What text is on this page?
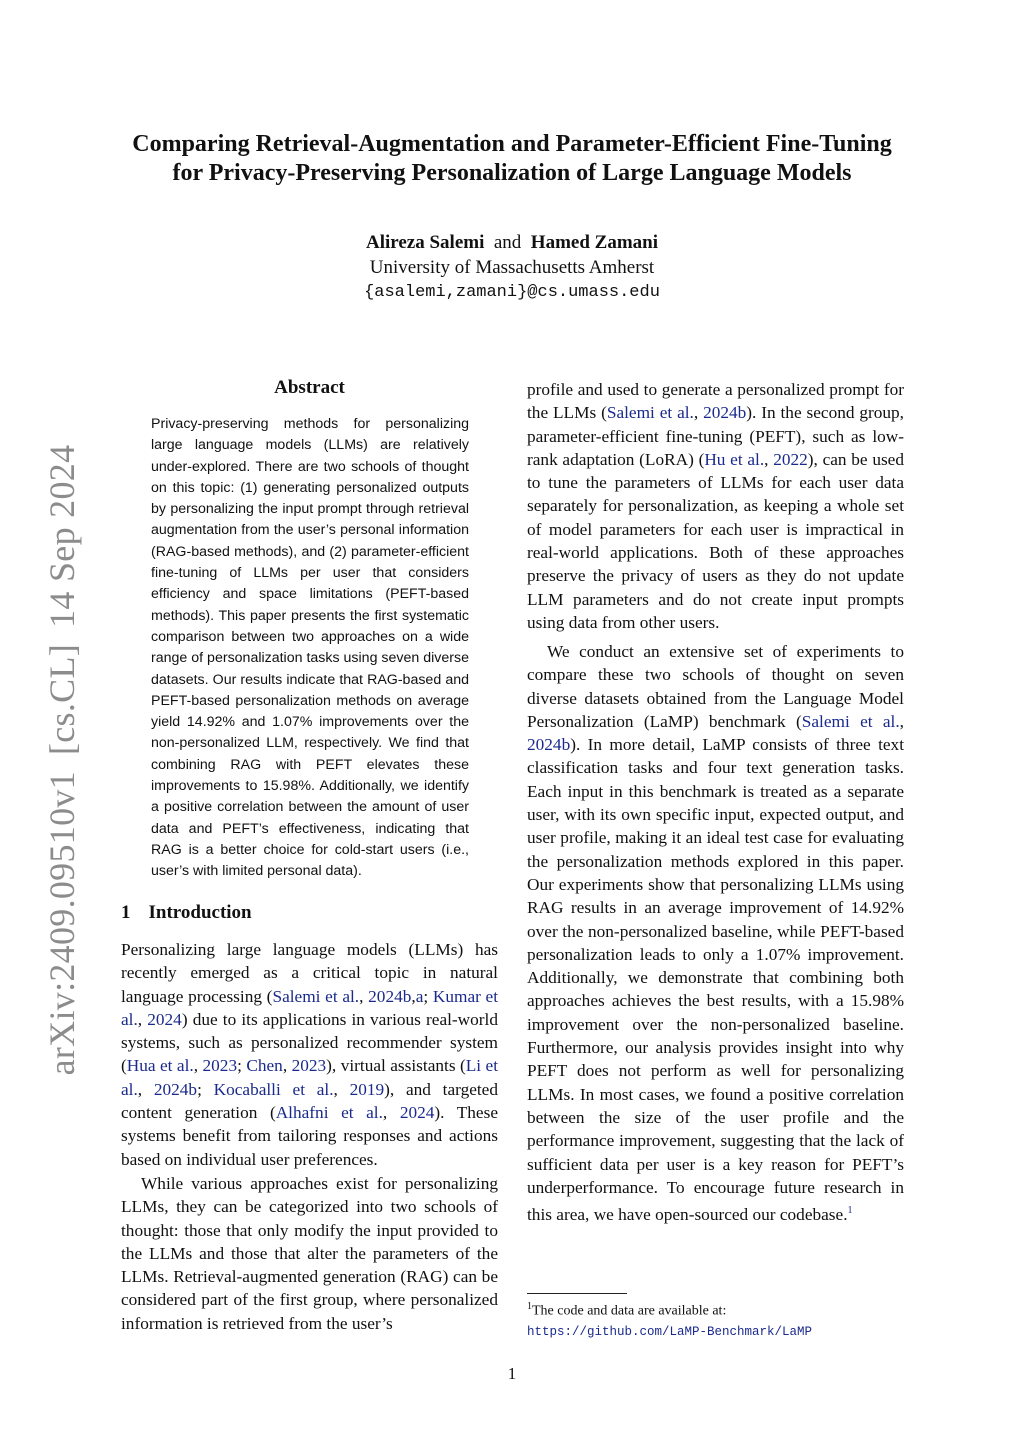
arXiv:2409.09510v1[cs.CL]14 Sep 2024
Comparing Retrieval-Augmentation and Parameter-Efficient Fine-Tuning
for Privacy-Preserving Personalization of Large Language Models
Alireza Salemi and Hamed Zamani
University of Massachusetts Amherst
{asalemi,zamani}@cs.umass.edu
Abstract

Privacy-preserving methods for personalizing large language models (LLMs) are relatively under-explored. There are two schools of thought on this topic: (1) generating personalized outputs by personalizing the input prompt through retrieval augmentation from the user’s personal information (RAG-based methods), and (2) parameter-efficient fine-tuning of LLMs per user that considers efficiency and space limitations (PEFT-based methods). This paper presents the first systematic comparison between two approaches on a wide range of personalization tasks using seven diverse datasets. Our results indicate that RAG-based and PEFT-based personalization methods on average yield 14.92% and 1.07% improvements over the non-personalized LLM, respectively. We find that combining RAG with PEFT elevates these improvements to 15.98%. Additionally, we identify a positive correlation between the amount of user data and PEFT’s effectiveness, indicating that RAG is a better choice for cold-start users (i.e., user’s with limited personal data).

1 Introduction

Personalizing large language models (LLMs) has recently emerged as a critical topic in natural language processing (Salemi et al., 2024b,a; Kumar et al., 2024) due to its applications in various real-world systems, such as personalized recommender system (Hua et al., 2023; Chen, 2023), virtual assistants (Li et al., 2024b; Kocaballi et al., 2019), and targeted content generation (Alhafni et al., 2024). These systems benefit from tailoring responses and actions based on individual user preferences.

While various approaches exist for personalizing LLMs, they can be categorized into two schools of thought: those that only modify the input provided to the LLMs and those that alter the parameters of the LLMs. Retrieval-augmented generation (RAG) can be considered part of the first group, where personalized information is retrieved from the user’s

profile and used to generate a personalized prompt for the LLMs (Salemi et al., 2024b). In the second group, parameter-efficient fine-tuning (PEFT), such as low-rank adaptation (LoRA) (Hu et al., 2022), can be used to tune the parameters of LLMs for each user data separately for personalization, as keeping a whole set of model parameters for each user is impractical in real-world applications. Both of these approaches preserve the privacy of users as they do not update LLM parameters and do not create input prompts using data from other users.

We conduct an extensive set of experiments to compare these two schools of thought on seven diverse datasets obtained from the Language Model Personalization (LaMP) benchmark (Salemi et al., 2024b). In more detail, LaMP consists of three text classification tasks and four text generation tasks. Each input in this benchmark is treated as a separate user, with its own specific input, expected output, and user profile, making it an ideal test case for evaluating the personalization methods explored in this paper. Our experiments show that personalizing LLMs using RAG results in an average improvement of 14.92% over the non-personalized baseline, while PEFT-based personalization leads to only a 1.07% improvement. Additionally, we demonstrate that combining both approaches achieves the best results, with a 15.98% improvement over the non-personalized baseline. Furthermore, our analysis provides insight into why PEFT does not perform as well for personalizing LLMs. In most cases, we found a positive correlation between the size of the user profile and the performance improvement, suggesting that the lack of sufficient data per user is a key reason for PEFT’s underperformance. To encourage future research in this area, we have open-sourced our codebase.$^1$

$^1$The code and data are available at: https://github.com/LaMP-Benchmark/LaMP

1
